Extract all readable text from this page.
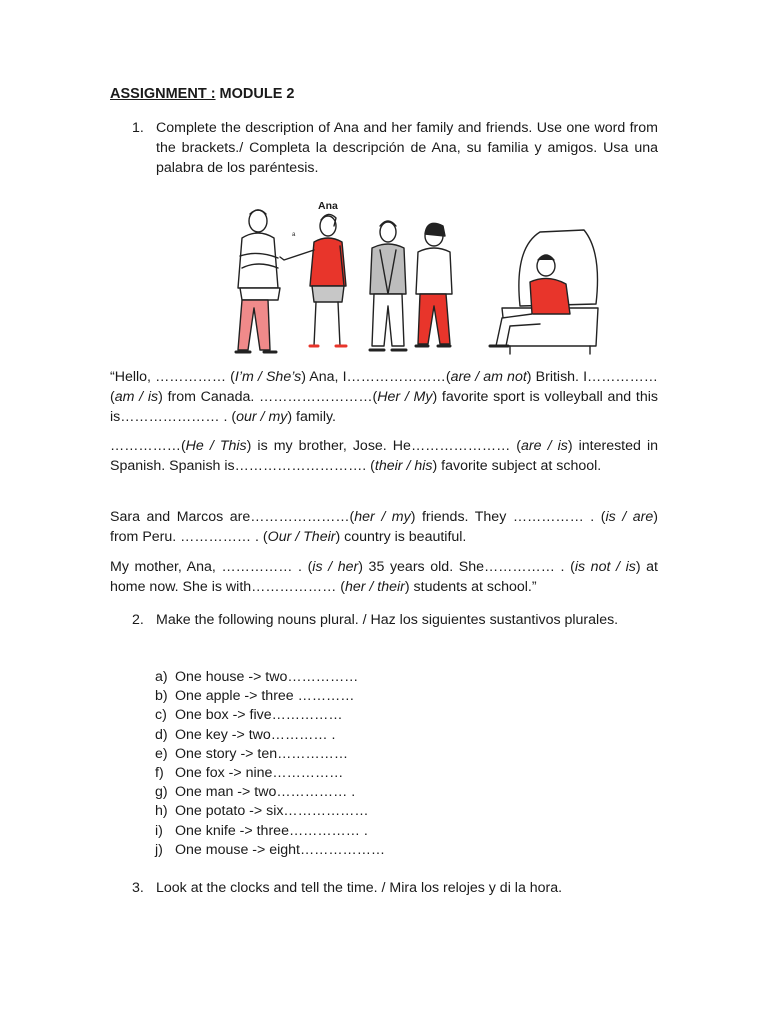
ASSIGNMENT : MODULE 2
1. Complete the description of Ana and her family and friends. Use one word from the brackets./ Completa la descripción de Ana, su familia y amigos. Usa una palabra de los paréntesis.
Ana
a
“Hello, …………… (I’m / She’s) Ana, I…………………(are / am not) British. I…………… (am / is) from Canada. ……………………(Her / My) favorite sport is volleyball and this is………………… . (our / my) family.
……………(He / This) is my brother, Jose. He………………… (are / is) interested in Spanish. Spanish is………………………. (their / his) favorite subject at school.
Sara and Marcos are…………………(her / my) friends. They …………… . (is / are) from Peru. …………… . (Our / Their) country is beautiful.
My mother, Ana, …………… . (is / her) 35 years old. She…………… . (is not / is) at home now. She is with……………… (her / their) students at school.”
2. Make the following nouns plural. / Haz los siguientes sustantivos plurales.
a) One house -> two……………
b) One apple -> three …………
c) One box -> five……………
d) One key -> two………… .
e) One story -> ten……………
f) One fox -> nine……………
g) One man -> two…………… .
h) One potato -> six………………
i) One knife -> three…………… .
j) One mouse -> eight………………
3. Look at the clocks and tell the time. / Mira los relojes y di la hora.
